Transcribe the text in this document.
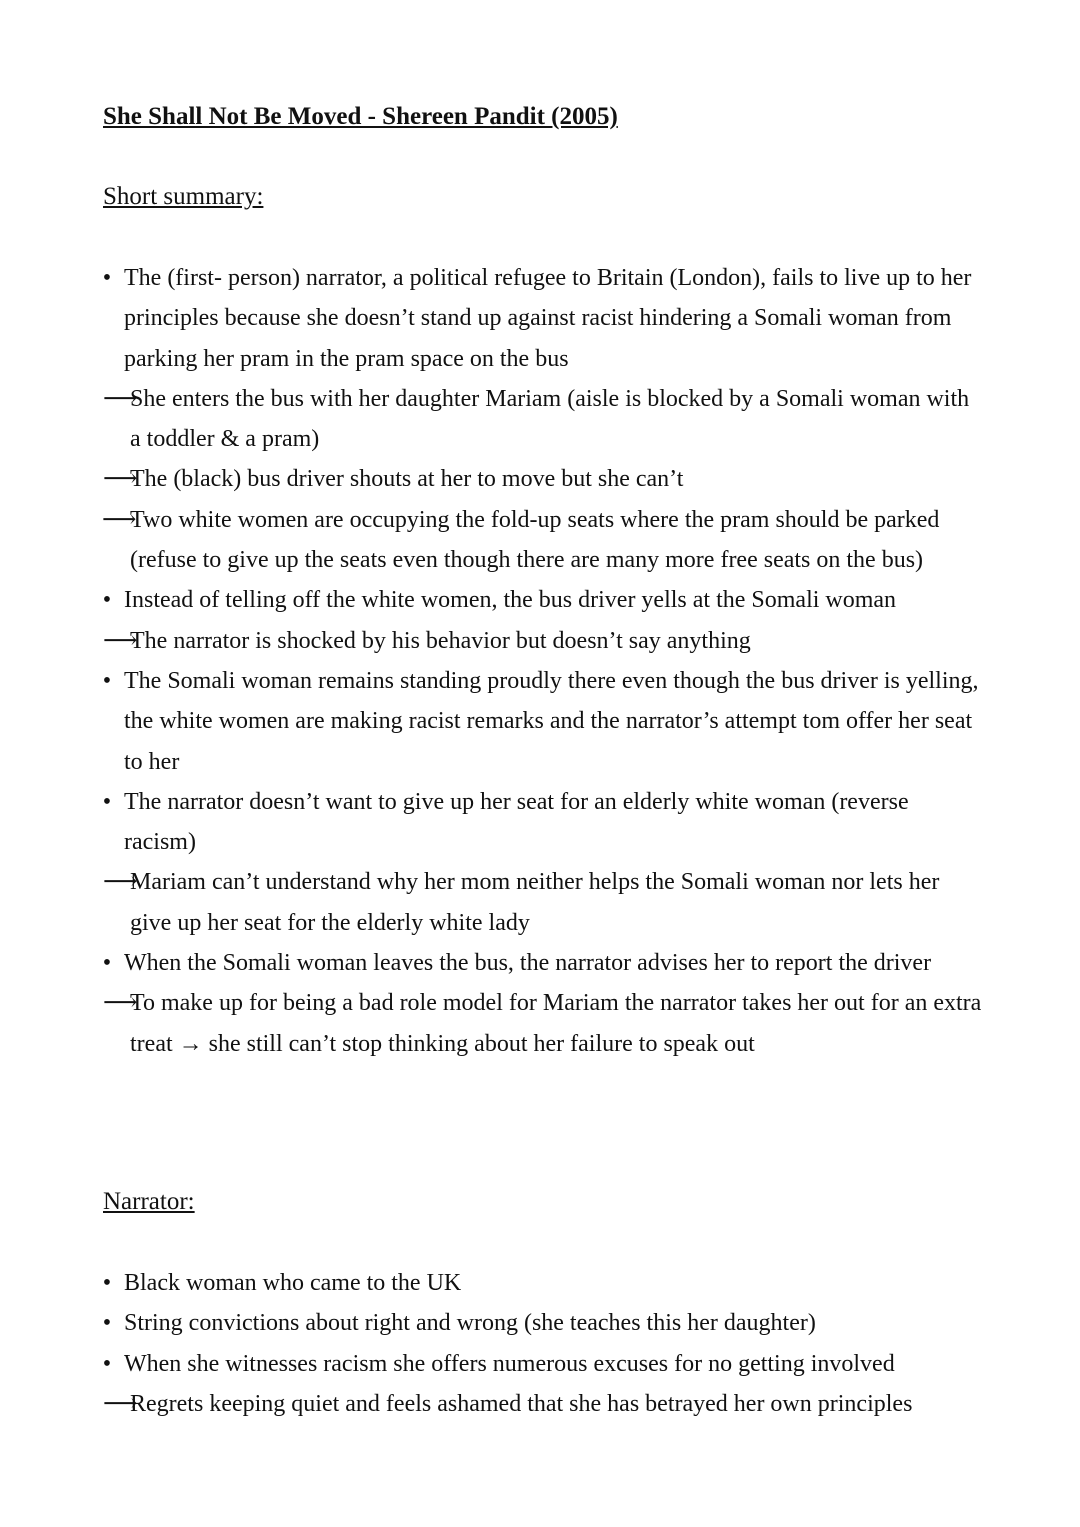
She Shall Not Be Moved - Shereen Pandit (2005)
Short summary:
• The (first- person) narrator, a political refugee to Britain (London), fails to live up to her principles because she doesn’t stand up against racist hindering a Somali woman from parking her pram in the pram space on the bus
⟶
She enters the bus with her daughter Mariam (aisle is blocked by a Somali woman with a toddler & a pram)
⟶
The (black) bus driver shouts at her to move but she can’t
⟶
Two white women are occupying the fold-up seats where the pram should be parked (refuse to give up the seats even though there are many more free seats on the bus)
• Instead of telling off the white women, the bus driver yells at the Somali woman
⟶
The narrator is shocked by his behavior but doesn’t say anything
• The Somali woman remains standing proudly there even though the bus driver is yelling, the white women are making racist remarks and the narrator’s attempt tom offer her seat to her
• The narrator doesn’t want to give up her seat for an elderly white woman (reverse racism)
⟶
Mariam can’t understand why her mom neither helps the Somali woman nor lets her give up her seat for the elderly white lady
• When the Somali woman leaves the bus, the narrator advises her to report the driver
⟶
To make up for being a bad role model for Mariam the narrator takes her out for an extra treat → she still can’t stop thinking about her failure to speak out
Narrator:
• Black woman who came to the UK
• String convictions about right and wrong (she teaches this her daughter)
• When she witnesses racism she offers numerous excuses for no getting involved
⟶
Regrets keeping quiet and feels ashamed that she has betrayed her own principles
